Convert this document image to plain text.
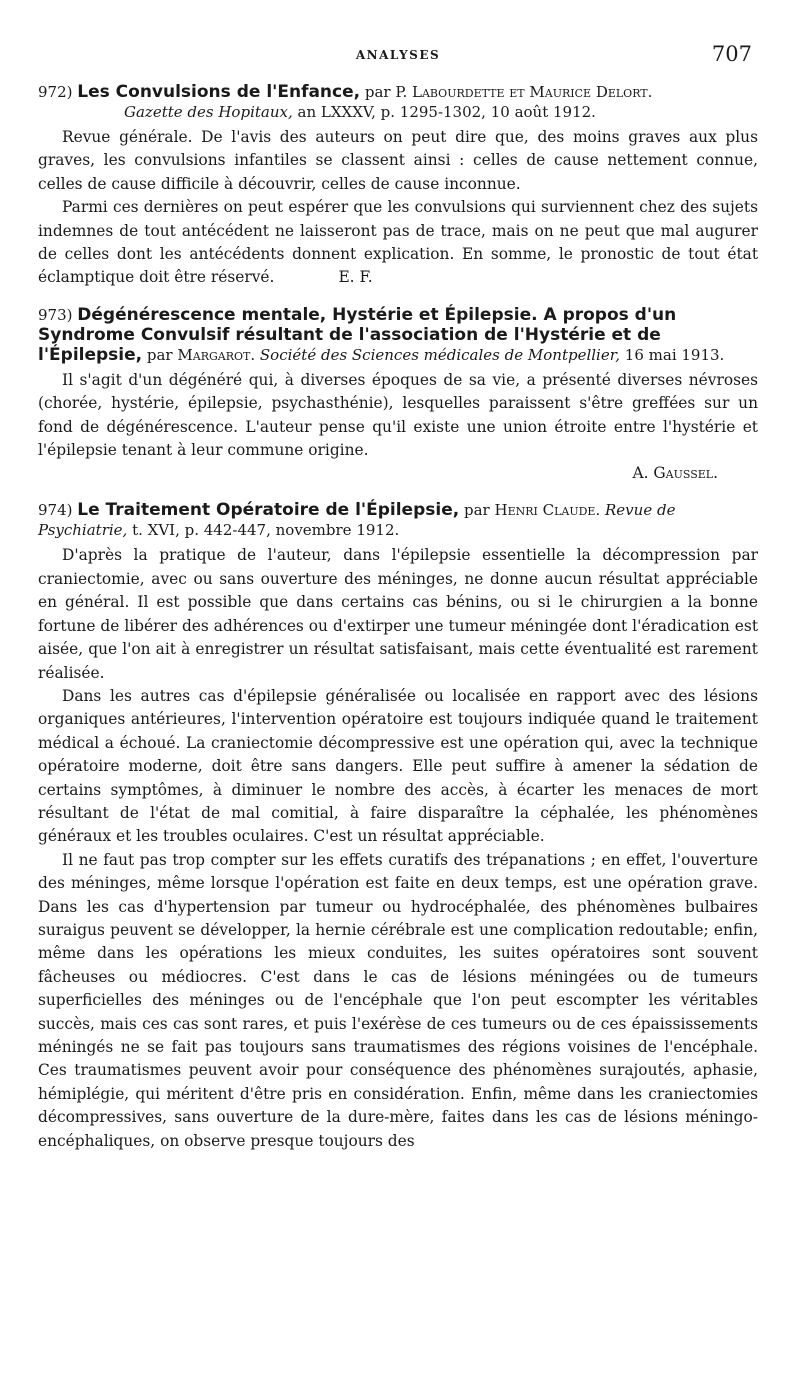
ANALYSES	707
972) Les Convulsions de l'Enfance, par P. Labourdette et Maurice Delort.
Gazette des Hopitaux, an LXXXV, p. 1295-1302, 10 août 1912.

Revue générale. De l'avis des auteurs on peut dire que, des moins graves aux plus graves, les convulsions infantiles se classent ainsi : celles de cause nettement connue, celles de cause difficile à découvrir, celles de cause inconnue.

Parmi ces dernières on peut espérer que les convulsions qui surviennent chez des sujets indemnes de tout antécédent ne laisseront pas de trace, mais on ne peut que mal augurer de celles dont les antécédents donnent explication. En somme, le pronostic de tout état éclamptique doit être réservé.	E. F.

973) Dégénérescence mentale, Hystérie et Épilepsie. A propos d'un Syndrome Convulsif résultant de l'association de l'Hystérie et de l'Épilepsie, par Margarot. Société des Sciences médicales de Montpellier, 16 mai 1913.

Il s'agit d'un dégénéré qui, à diverses époques de sa vie, a présenté diverses névroses (chorée, hystérie, épilepsie, psychasthénie), lesquelles paraissent s'être greffées sur un fond de dégénérescence. L'auteur pense qu'il existe une union étroite entre l'hystérie et l'épilepsie tenant à leur commune origine.

A. Gaussel.

974) Le Traitement Opératoire de l'Épilepsie, par Henri Claude. Revue de Psychiatrie, t. XVI, p. 442-447, novembre 1912.

D'après la pratique de l'auteur, dans l'épilepsie essentielle la décompression par craniectomie, avec ou sans ouverture des méninges, ne donne aucun résultat appréciable en général. Il est possible que dans certains cas bénins, ou si le chirurgien a la bonne fortune de libérer des adhérences ou d'extirper une tumeur méningée dont l'éradication est aisée, que l'on ait à enregistrer un résultat satisfaisant, mais cette éventualité est rarement réalisée.

Dans les autres cas d'épilepsie généralisée ou localisée en rapport avec des lésions organiques antérieures, l'intervention opératoire est toujours indiquée quand le traitement médical a échoué. La craniectomie décompressive est une opération qui, avec la technique opératoire moderne, doit être sans dangers. Elle peut suffire à amener la sédation de certains symptômes, à diminuer le nombre des accès, à écarter les menaces de mort résultant de l'état de mal comitial, à faire disparaître la céphalée, les phénomènes généraux et les troubles oculaires. C'est un résultat appréciable.

Il ne faut pas trop compter sur les effets curatifs des trépanations ; en effet, l'ouverture des méninges, même lorsque l'opération est faite en deux temps, est une opération grave. Dans les cas d'hypertension par tumeur ou hydrocéphalée, des phénomènes bulbaires suraigus peuvent se développer, la hernie cérébrale est une complication redoutable; enfin, même dans les opérations les mieux conduites, les suites opératoires sont souvent fâcheuses ou médiocres. C'est dans le cas de lésions méningées ou de tumeurs superficielles des méninges ou de l'encéphale que l'on peut escompter les véritables succès, mais ces cas sont rares, et puis l'exérèse de ces tumeurs ou de ces épaississements méningés ne se fait pas toujours sans traumatismes des régions voisines de l'encéphale. Ces traumatismes peuvent avoir pour conséquence des phénomènes surajoutés, aphasie, hémiplégie, qui méritent d'être pris en considération. Enfin, même dans les craniectomies décompressives, sans ouverture de la dure-mère, faites dans les cas de lésions méningo-encéphaliques, on observe presque toujours des
